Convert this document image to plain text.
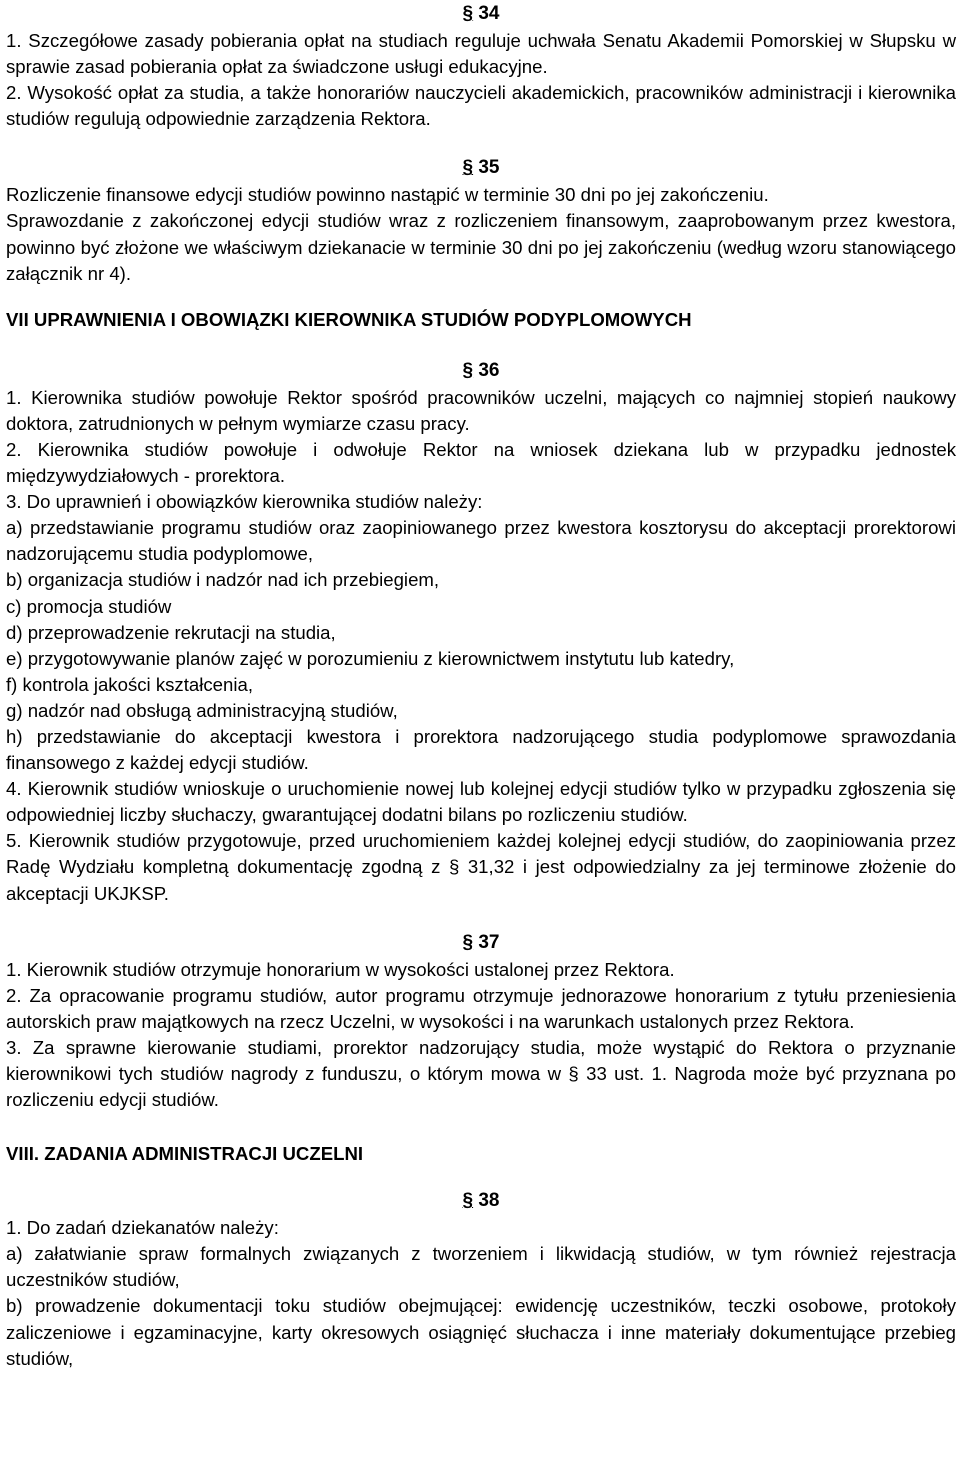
§ 34

1. Szczegółowe zasady pobierania opłat na studiach reguluje uchwała Senatu Akademii Pomorskiej w Słupsku w sprawie zasad pobierania opłat za świadczone usługi edukacyjne.

2. Wysokość opłat za studia, a także honorariów nauczycieli akademickich, pracowników administracji i kierownika studiów regulują odpowiednie zarządzenia Rektora.

§ 35

Rozliczenie finansowe edycji studiów powinno nastąpić w terminie 30 dni po jej zakończeniu.

Sprawozdanie z zakończonej edycji studiów wraz z rozliczeniem finansowym, zaaprobowanym przez kwestora, powinno być złożone we właściwym dziekanacie w terminie 30 dni po jej zakończeniu (według wzoru stanowiącego załącznik nr 4).

VII UPRAWNIENIA I OBOWIĄZKI KIEROWNIKA STUDIÓW PODYPLOMOWYCH
§ 36

1. Kierownika studiów powołuje Rektor spośród pracowników uczelni, mających co najmniej stopień naukowy doktora, zatrudnionych w pełnym wymiarze czasu pracy.

2. Kierownika studiów powołuje i odwołuje Rektor na wniosek dziekana lub w przypadku jednostek międzywydziałowych - prorektora.

3. Do uprawnień i obowiązków kierownika studiów należy:

a) przedstawianie programu studiów oraz zaopiniowanego przez kwestora kosztorysu do akceptacji prorektorowi nadzorującemu studia podyplomowe,

b) organizacja studiów i nadzór nad ich przebiegiem,

c) promocja studiów

d) przeprowadzenie rekrutacji na studia,

e) przygotowywanie planów zajęć w porozumieniu z kierownictwem instytutu lub katedry,

f) kontrola jakości kształcenia,

g) nadzór nad obsługą administracyjną studiów,

h) przedstawianie do akceptacji kwestora i prorektora nadzorującego studia podyplomowe sprawozdania finansowego z każdej edycji studiów.

4. Kierownik studiów wnioskuje o uruchomienie nowej lub kolejnej edycji studiów tylko w przypadku zgłoszenia się odpowiedniej liczby słuchaczy, gwarantującej dodatni bilans po rozliczeniu studiów.

5. Kierownik studiów przygotowuje, przed uruchomieniem każdej kolejnej edycji studiów, do zaopiniowania przez Radę Wydziału kompletną dokumentację zgodną z § 31,32 i jest odpowiedzialny za jej terminowe złożenie do akceptacji UKJKSP.

§ 37

1. Kierownik studiów otrzymuje honorarium w wysokości ustalonej przez Rektora.

2. Za opracowanie programu studiów, autor programu otrzymuje jednorazowe honorarium z tytułu przeniesienia autorskich praw majątkowych na rzecz Uczelni, w wysokości i na warunkach ustalonych przez Rektora.

3. Za sprawne kierowanie studiami, prorektor nadzorujący studia, może wystąpić do Rektora o przyznanie kierownikowi tych studiów nagrody z funduszu, o którym mowa w § 33 ust. 1. Nagroda może być przyznana po rozliczeniu edycji studiów.

VIII. ZADANIA ADMINISTRACJI UCZELNI
§ 38

1. Do zadań dziekanatów należy:

a) załatwianie spraw formalnych związanych z tworzeniem i likwidacją studiów, w tym również rejestracja uczestników studiów,

b) prowadzenie dokumentacji toku studiów obejmującej: ewidencję uczestników, teczki osobowe, protokoły zaliczeniowe i egzaminacyjne, karty okresowych osiągnięć słuchacza i inne materiały dokumentujące przebieg studiów,
